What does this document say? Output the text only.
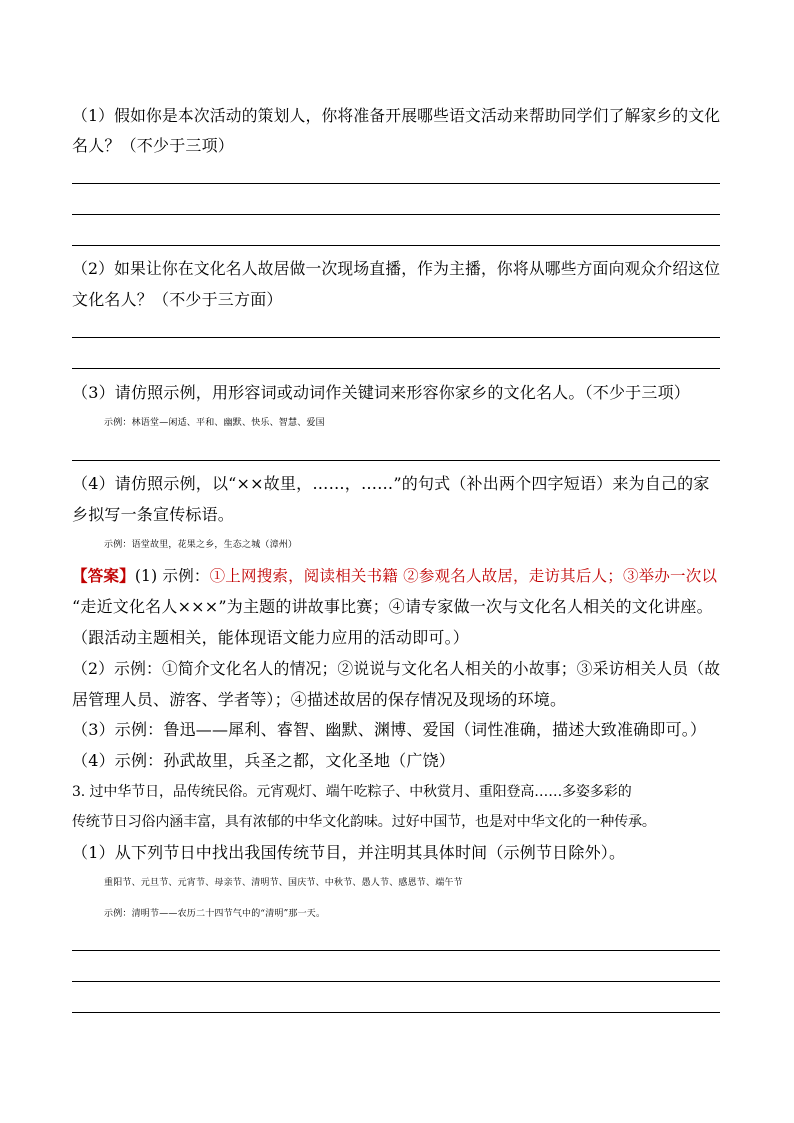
（1）假如你是本次活动的策划人，你将准备开展哪些语文活动来帮助同学们了解家乡的文化
名人？（不少于三项）
（2）如果让你在文化名人故居做一次现场直播，作为主播，你将从哪些方面向观众介绍这位
文化名人？（不少于三方面）
（3）请仿照示例，用形容词或动词作关键词来形容你家乡的文化名人。（不少于三项）
示例：林语堂—闲适、平和、幽默、快乐、智慧、爱国
（4）请仿照示例，以“××故里，……，……”的句式（补出两个四字短语）来为自己的家
乡拟写一条宣传标语。
示例：语堂故里，花果之乡，生态之城（漳州）
【答案】(1) 示例：①上网搜索，阅读相关书籍 ②参观名人故居，走访其后人；③举办一次以
“走近文化名人×××”为主题的讲故事比赛；④请专家做一次与文化名人相关的文化讲座。
（跟活动主题相关，能体现语文能力应用的活动即可。）
（2）示例：①简介文化名人的情况；②说说与文化名人相关的小故事；③采访相关人员（故
居管理人员、游客、学者等）；④描述故居的保存情况及现场的环境。
（3）示例：鲁迅——犀利、睿智、幽默、渊博、爱国（词性准确，描述大致准确即可。）
（4）示例：孙武故里，兵圣之都，文化圣地（广饶）
3. 过中华节日，品传统民俗。元宵观灯、端午吃粽子、中秋赏月、重阳登高……多姿多彩的
传统节日习俗内涵丰富，具有浓郁的中华文化韵味。过好中国节，也是对中华文化的一种传承。
（1）从下列节日中找出我国传统节目，并注明其具体时间（示例节日除外）。
重阳节、元旦节、元宵节、母亲节、清明节、国庆节、中秋节、愚人节、感恩节、端午节
示例：清明节——农历二十四节气中的“清明”那一天。
